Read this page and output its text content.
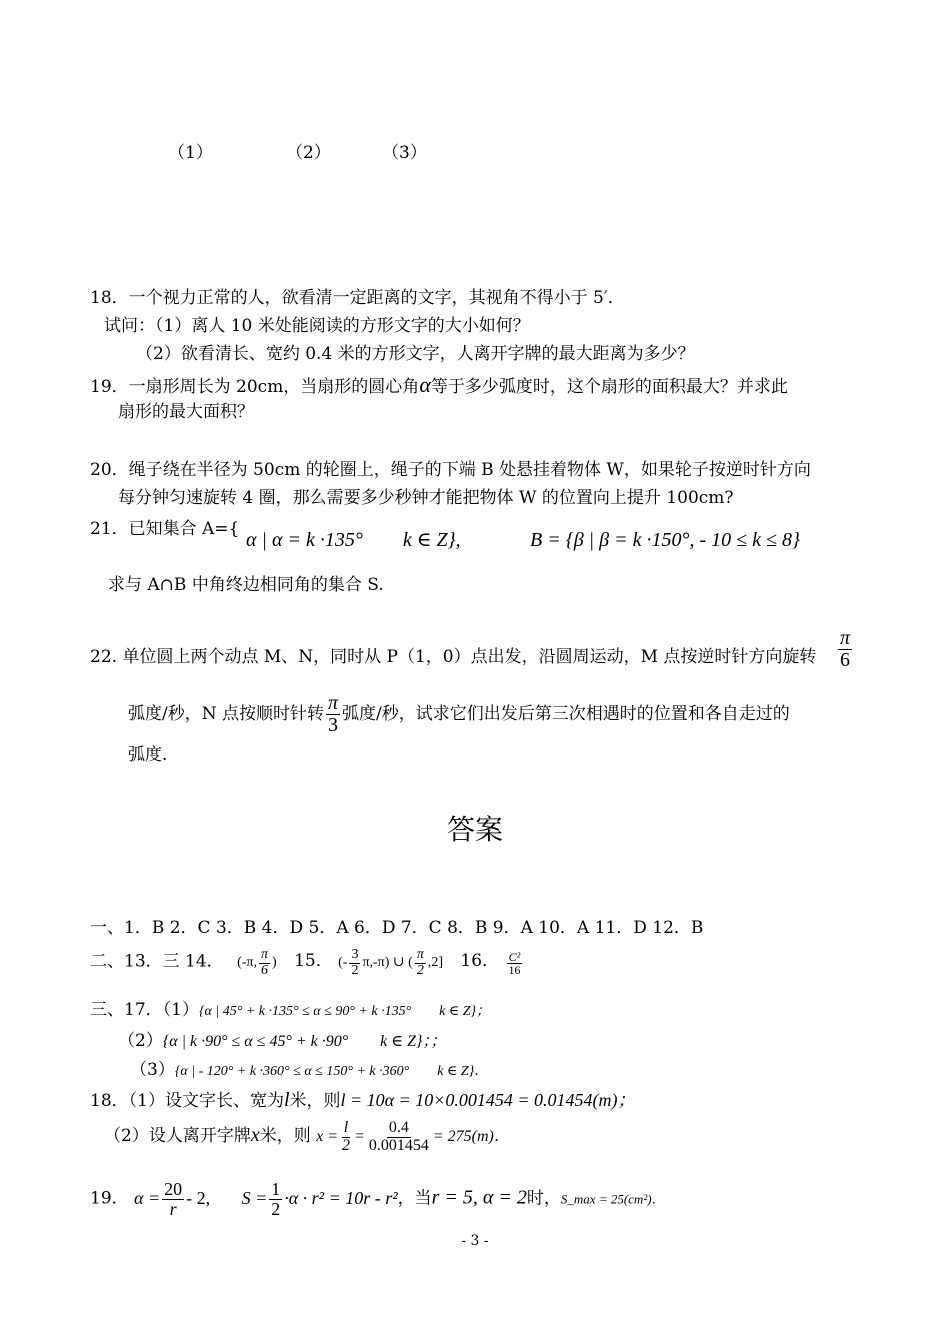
（1）	（2）	（3）
18．一个视力正常的人，欲看清一定距离的文字，其视角不得小于 5′．
试问：（1）离人 10 米处能阅读的方形文字的大小如何？
（2）欲看清长、宽约 0.4 米的方形文字，人离开字牌的最大距离为多少？
19．一扇形周长为 20cm，当扇形的圆心角α等于多少弧度时，这个扇形的面积最大？并求此
扇形的最大面积？
20．绳子绕在半径为 50cm 的轮圈上，绳子的下端 B 处悬挂着物体 W，如果轮子按逆时针方向
每分钟匀速旋转 4 圈，那么需要多少秒钟才能把物体 W 的位置向上提升 100cm?
21．已知集合 A={ α | α = k ·135°　　k ∈ Z},	B = {β | β = k ·150°, - 10 ≤ k ≤ 8}
求与 A∩B 中角终边相同角的集合 S.
22. 单位圆上两个动点 M、N，同时从 P（1，0）点出发，沿圆周运动，M 点按逆时针方向旋转 $\frac{\pi}{6}$
弧度/秒，N 点按顺时针转 $\frac{\pi}{3}$ 弧度/秒，试求它们出发后第三次相遇时的位置和各自走过的
弧度.
答案
一、1．B 2．C 3．B 4．D 5．A 6．D 7．C 8．B 9．A 10．A 11．D 12．B
二、13．三 14． (-π, $\frac{\pi}{6}$ ) 15． (- $\frac{3}{2} \pi,-\pi$) ∪ ( $\frac{\pi}{2} ,2$] 16． $\frac{\text{C²}}{16}$
三、17．（1）{α | 45° + k ·135° ≤ α ≤ 90° + k ·135°　　k ∈ Z}；
（2）{α | k ·90° ≤ α ≤ 45° + k ·90°　　k ∈ Z}；；
（3）{α | - 120° + k ·360° ≤ α ≤ 150° + k ·360°　　k ∈ Z}．
18．（1）设文字长、宽为l米，则l = 10α = 10×0.001454 = 0.01454(m)；
（2）设人离开字牌x米，则 $x = \frac{l}{2} = \frac{0.4}{0.001454} = 275(m)$．
19． $\alpha = \frac{20}{r} - 2$, $S = \frac{1}{2} \cdot\alpha \cdot r^2 = 10r - r^2$，当r = 5, α = 2时，S_max = 25(cm²)．
- 3 -
